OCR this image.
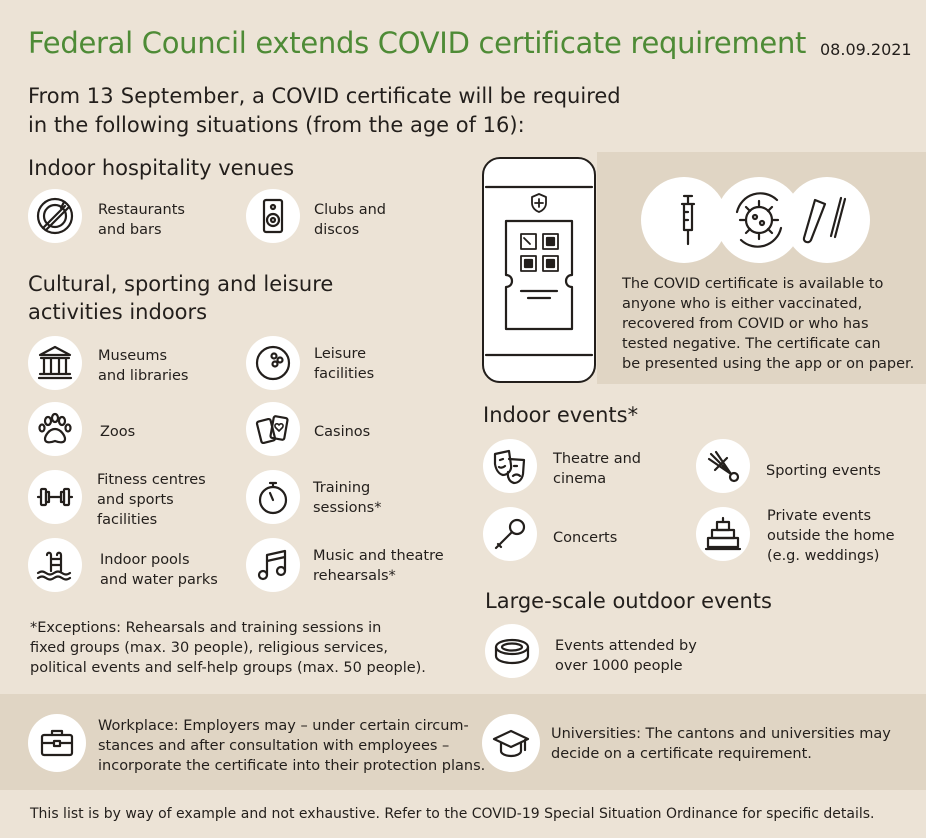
Federal Council extends COVID certificate requirement 08.09.2021
From 13 September, a COVID certificate will be required
in the following situations (from the age of 16):
The COVID certificate is available to
anyone who is either vaccinated,
recovered from COVID or who has
tested negative. The certificate can
be presented using the app or on paper.
Indoor hospitality venues
Restaurants
and bars
Clubs and
discos
Cultural, sporting and leisure
activities indoors
Museums
and libraries
Leisure
facilities
Zoos	Casinos
Fitness centres
and sports
facilities
Training
sessions*
Indoor pools
and water parks
Music and theatre
rehearsals*
*Exceptions: Rehearsals and training sessions in
fixed groups (max. 30 people), religious services,
political events and self-help groups (max. 50 people).
Indoor events*
Theatre and
cinema	Sporting events
Concerts
Private events
outside the home
(e.g. weddings)
Large-scale outdoor events
Events attended by
over 1000 people
Workplace: Employers may – under certain circum-
stances and after consultation with employees –
incorporate the certificate into their protection plans.
Universities: The cantons and universities may
decide on a certificate requirement.
This list is by way of example and not exhaustive. Refer to the COVID-19 Special Situation Ordinance for specific details.
